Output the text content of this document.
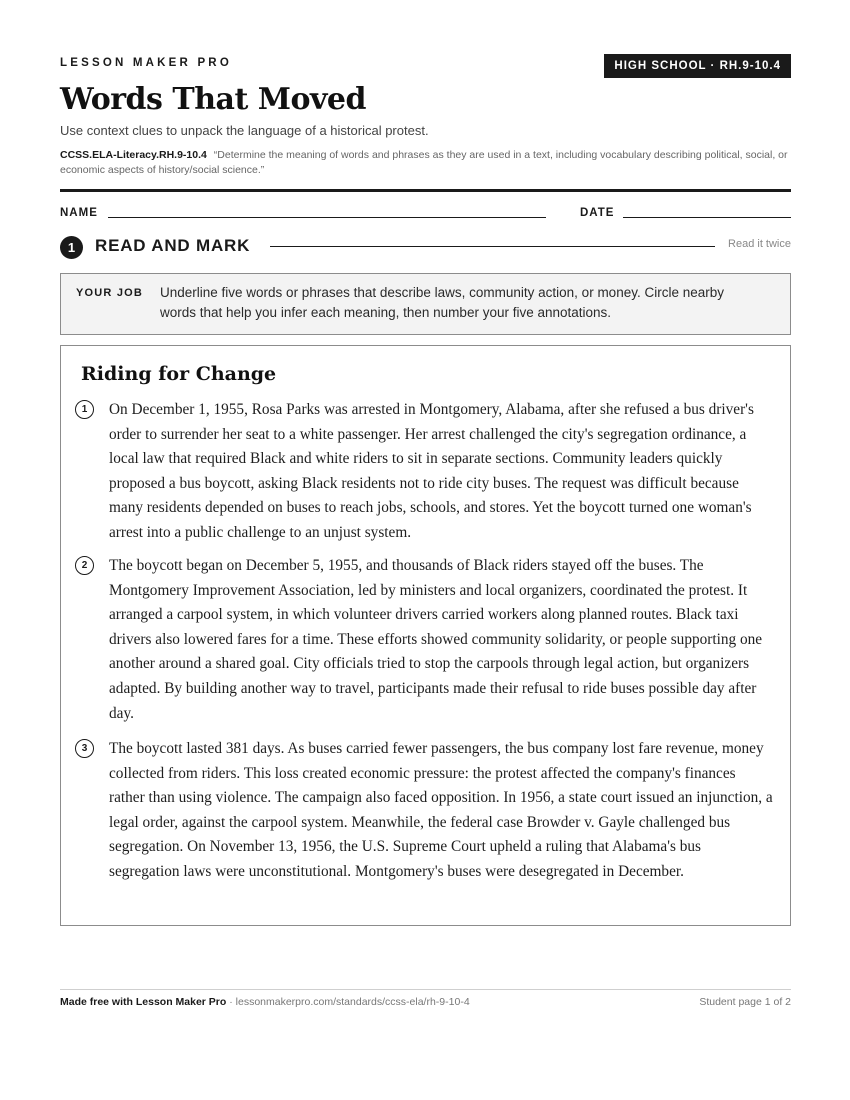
LESSON MAKER PRO	HIGH SCHOOL · RH.9-10.4
Words That Moved
Use context clues to unpack the language of a historical protest.
CCSS.ELA-Literacy.RH.9-10.4 “Determine the meaning of words and phrases as they are used in a text, including vocabulary describing political, social, or economic aspects of history/social science.”
NAME	DATE
1	READ AND MARK	Read it twice
YOUR JOB Underline five words or phrases that describe laws, community action, or money. Circle nearby words that help you infer each meaning, then number your five annotations.
Riding for Change
1	On December 1, 1955, Rosa Parks was arrested in Montgomery, Alabama, after she refused a bus driver's order to surrender her seat to a white passenger. Her arrest challenged the city's segregation ordinance, a local law that required Black and white riders to sit in separate sections. Community leaders quickly proposed a bus boycott, asking Black residents not to ride city buses. The request was difficult because many residents depended on buses to reach jobs, schools, and stores. Yet the boycott turned one woman's arrest into a public challenge to an unjust system.

2	The boycott began on December 5, 1955, and thousands of Black riders stayed off the buses. The Montgomery Improvement Association, led by ministers and local organizers, coordinated the protest. It arranged a carpool system, in which volunteer drivers carried workers along planned routes. Black taxi drivers also lowered fares for a time. These efforts showed community solidarity, or people supporting one another around a shared goal. City officials tried to stop the carpools through legal action, but organizers adapted. By building another way to travel, participants made their refusal to ride buses possible day after day.

3	The boycott lasted 381 days. As buses carried fewer passengers, the bus company lost fare revenue, money collected from riders. This loss created economic pressure: the protest affected the company's finances rather than using violence. The campaign also faced opposition. In 1956, a state court issued an injunction, a legal order, against the carpool system. Meanwhile, the federal case Browder v. Gayle challenged bus segregation. On November 13, 1956, the U.S. Supreme Court upheld a ruling that Alabama's bus segregation laws were unconstitutional. Montgomery's buses were desegregated in December.

Made free with Lesson Maker Pro · lessonmakerpro.com/standards/ccss-ela/rh-9-10-4	Student page 1 of 2
